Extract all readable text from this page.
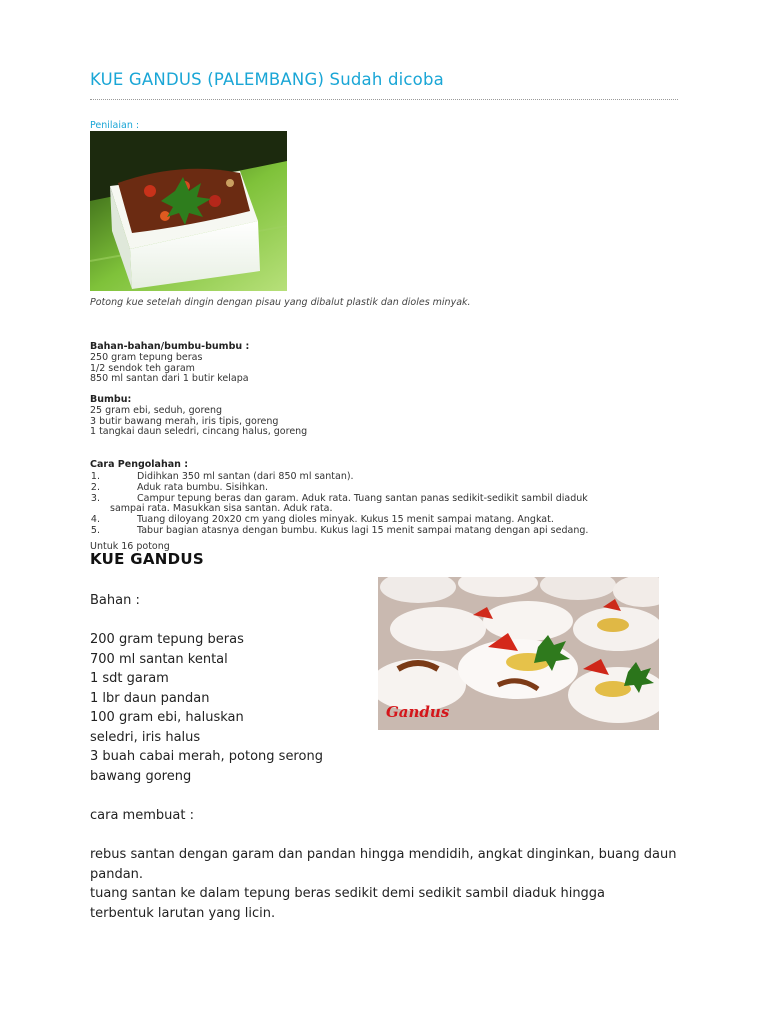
KUE GANDUS (PALEMBANG) Sudah dicoba
Penilaian :
Potong kue setelah dingin dengan pisau yang dibalut plastik dan dioles minyak.
Bahan-bahan/bumbu-bumbu :
250 gram tepung beras
1/2 sendok teh garam
850 ml santan dari 1 butir kelapa
Bumbu:
25 gram ebi, seduh, goreng
3 butir bawang merah, iris tipis, goreng
1 tangkai daun seledri, cincang halus, goreng
Cara Pengolahan :
1.	Didihkan 350 ml santan (dari 850 ml santan).
2.	Aduk rata bumbu. Sisihkan.
3.	Campur tepung beras dan garam. Aduk rata. Tuang santan panas sedikit-sedikit sambil diaduk
sampai rata. Masukkan sisa santan. Aduk rata.
4.	Tuang diloyang 20x20 cm yang dioles minyak. Kukus 15 menit sampai matang. Angkat.
5.	Tabur bagian atasnya dengan bumbu. Kukus lagi 15 menit sampai matang dengan api sedang.
Untuk 16 potong
KUE GANDUS
Bahan :
200 gram tepung beras
700 ml santan kental
1 sdt garam
1 lbr daun pandan
100 gram ebi, haluskan
seledri, iris halus
3 buah cabai merah, potong serong
bawang goreng
Gandus
cara membuat :
rebus santan dengan garam dan pandan hingga mendidih, angkat dinginkan, buang daun pandan.
tuang santan ke dalam tepung beras sedikit demi sedikit sambil diaduk hingga terbentuk larutan yang licin.
